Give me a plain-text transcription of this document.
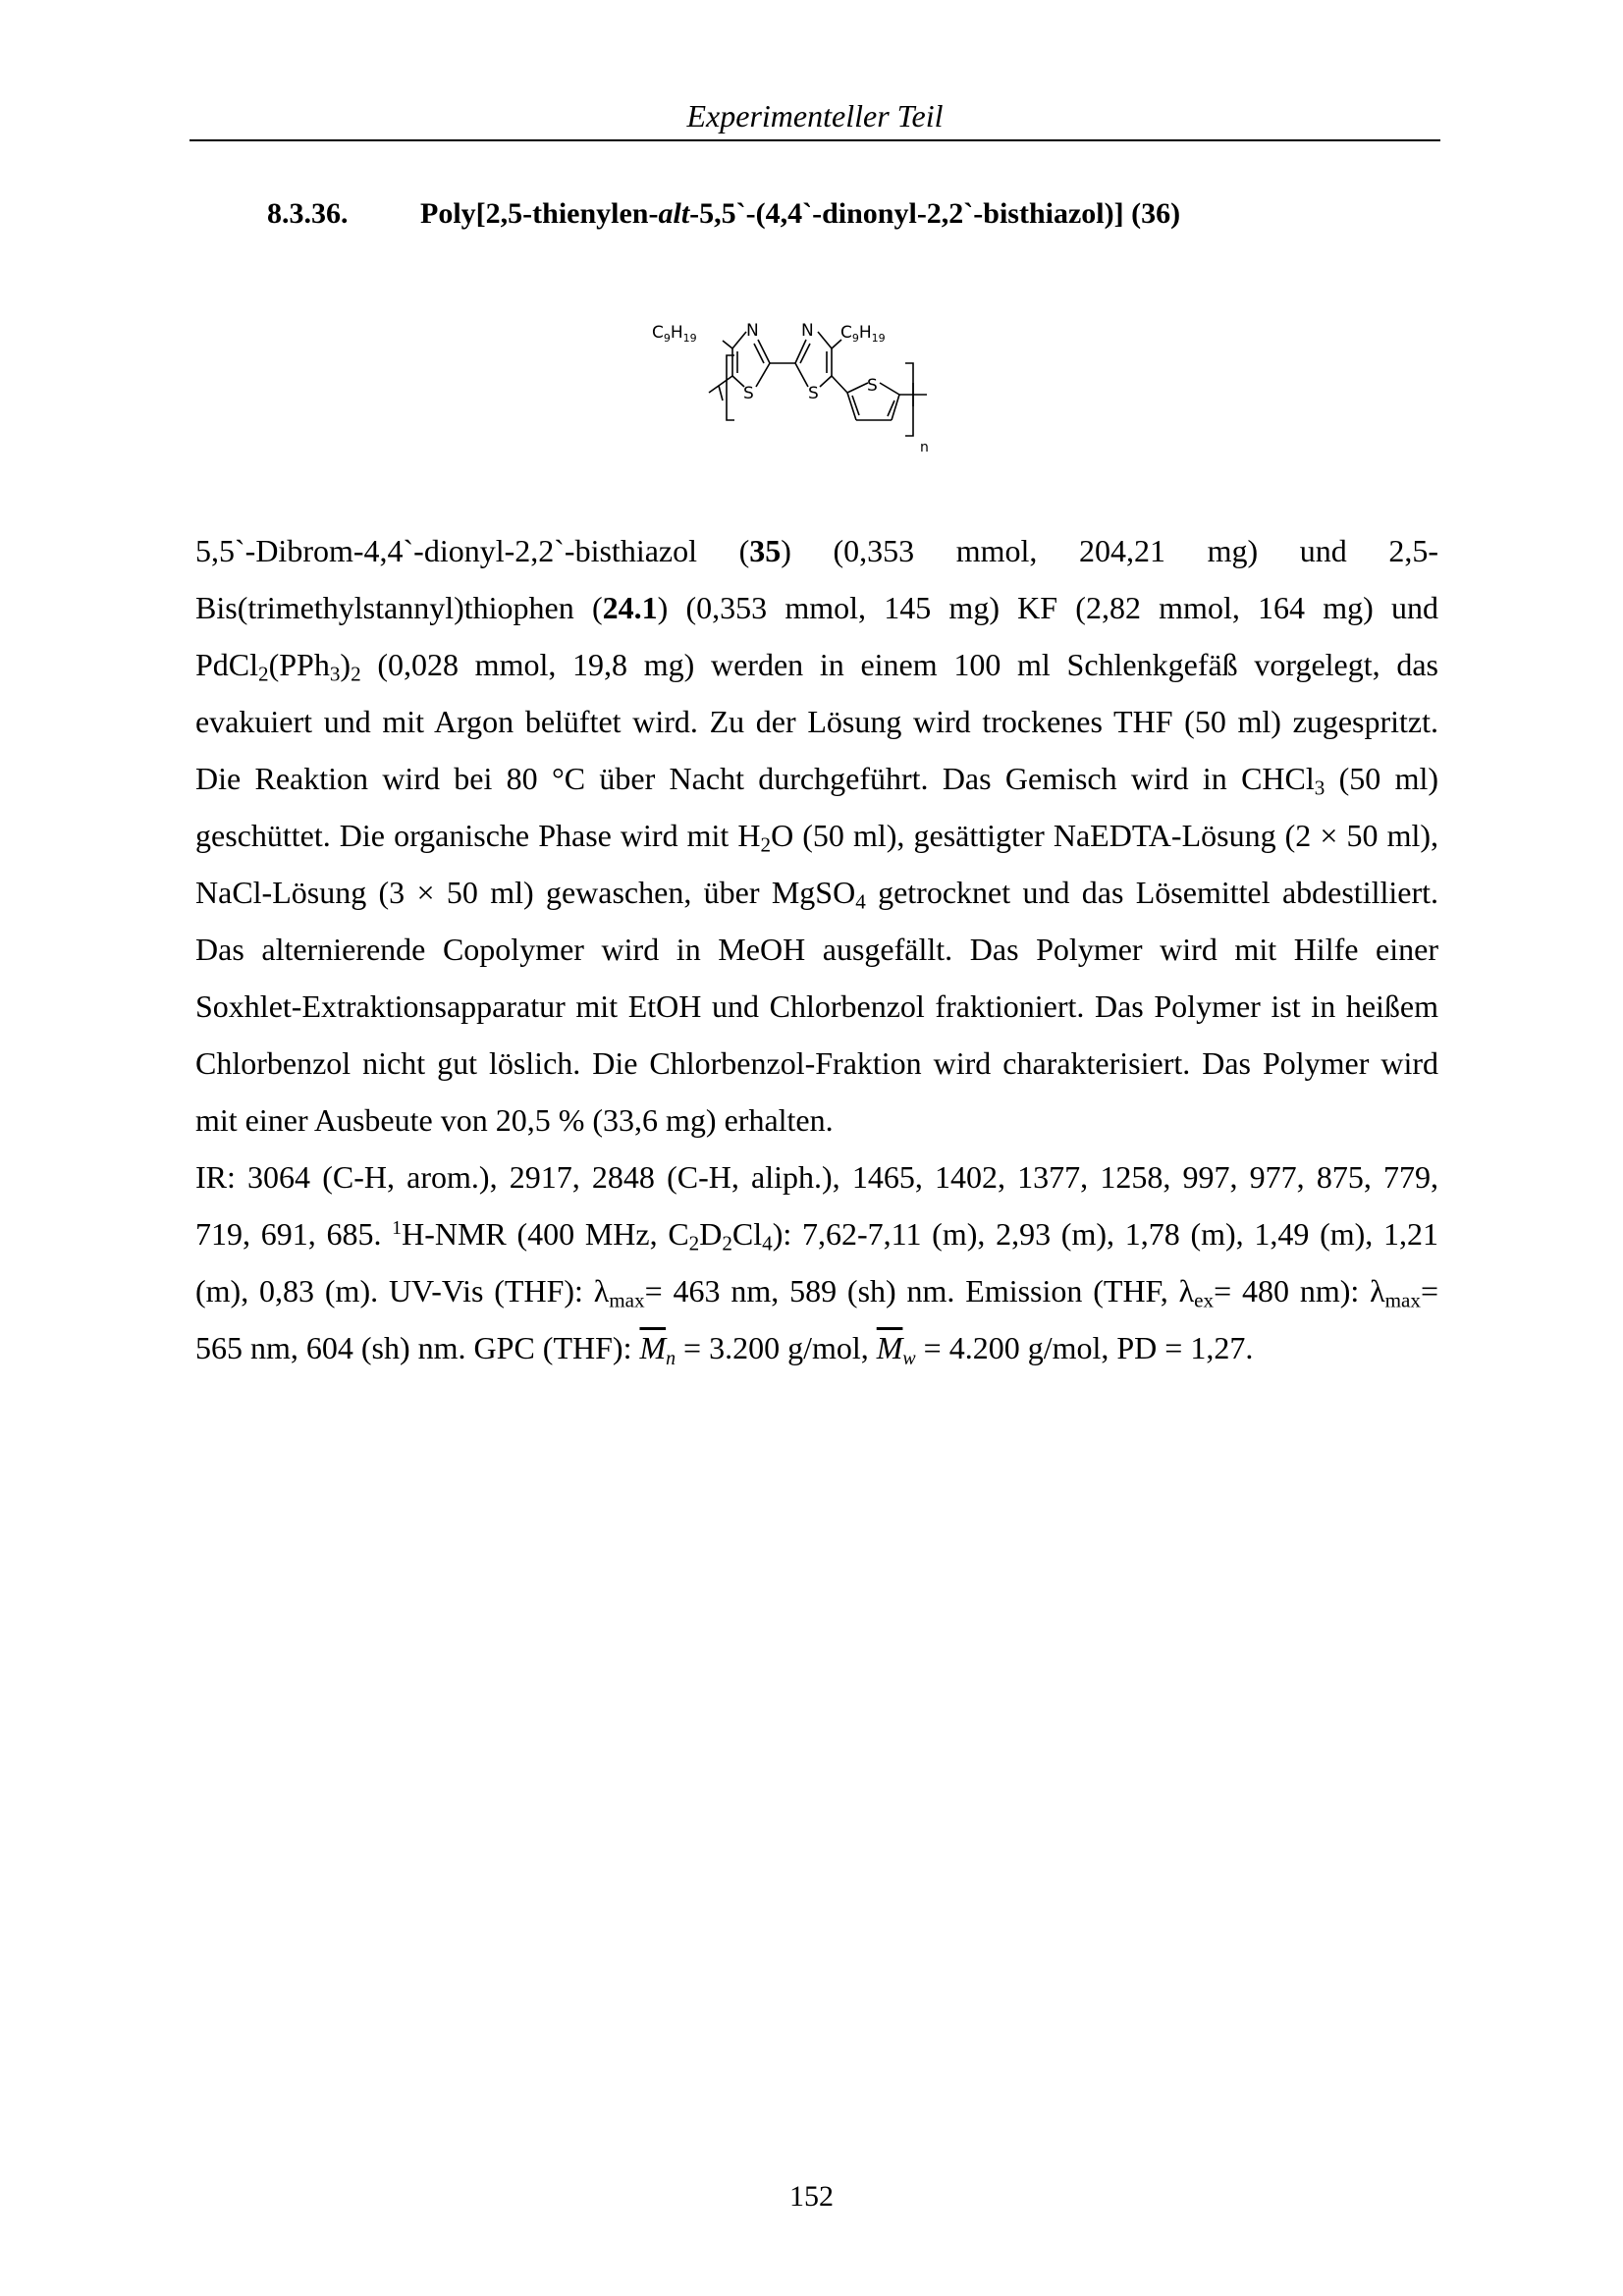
Experimenteller Teil
8.3.36. Poly[2,5-thienylen-alt-5,5`-(4,4`-dinonyl-2,2`-bisthiazol)] (36)
$C_9H_{19}$	N
S
N
S
$C_9H_{19}$
S
n

5,5`-Dibrom-4,4`-dionyl-2,2`-bisthiazol (35) (0,353 mmol, 204,21 mg) und 2,5-Bis(trimethylstannyl)thiophen (24.1) (0,353 mmol, 145 mg) KF (2,82 mmol, 164 mg) und $PdCl_2(PPh_3)_2$ (0,028 mmol, 19,8 mg) werden in einem 100 ml Schlenkgefäß vorgelegt, das evakuiert und mit Argon belüftet wird. Zu der Lösung wird trockenes THF (50 ml) zugespritzt. Die Reaktion wird bei 80 °C über Nacht durchgeführt. Das Gemisch wird in CHCl$_3$ (50 ml) geschüttet. Die organische Phase wird mit $H_2O$ (50 ml), gesättigter NaEDTA-Lösung (2 × 50 ml), NaCl-Lösung (3 × 50 ml) gewaschen, über MgSO$_4$ getrocknet und das Lösemittel abdestilliert. Das alternierende Copolymer wird in MeOH ausgefällt. Das Polymer wird mit Hilfe einer Soxhlet-Extraktionsapparatur mit EtOH und Chlorbenzol fraktioniert. Das Polymer ist in heißem Chlorbenzol nicht gut löslich. Die Chlorbenzol-Fraktion wird charakterisiert. Das Polymer wird mit einer Ausbeute von 20,5 % (33,6 mg) erhalten.

IR: 3064 (C-H, arom.), 2917, 2848 (C-H, aliph.), 1465, 1402, 1377, 1258, 997, 977, 875, 779, 719, 691, 685. $^1$H-NMR (400 MHz, $C_2D_2Cl_4$): 7,62-7,11 (m), 2,93 (m), 1,78 (m), 1,49 (m), 1,21 (m), 0,83 (m). UV-Vis (THF): $\lambda_{max}= 463$ nm, 589 (sh) nm. Emission (THF, $\lambda_{ex}= 480$ nm): $\lambda_{max}= 565$ nm, 604 (sh) nm. GPC (THF): $\overline{M}n = 3.200$ g/mol, $\overline{M}w = 4.200$ g/mol, PD = 1,27.

152
